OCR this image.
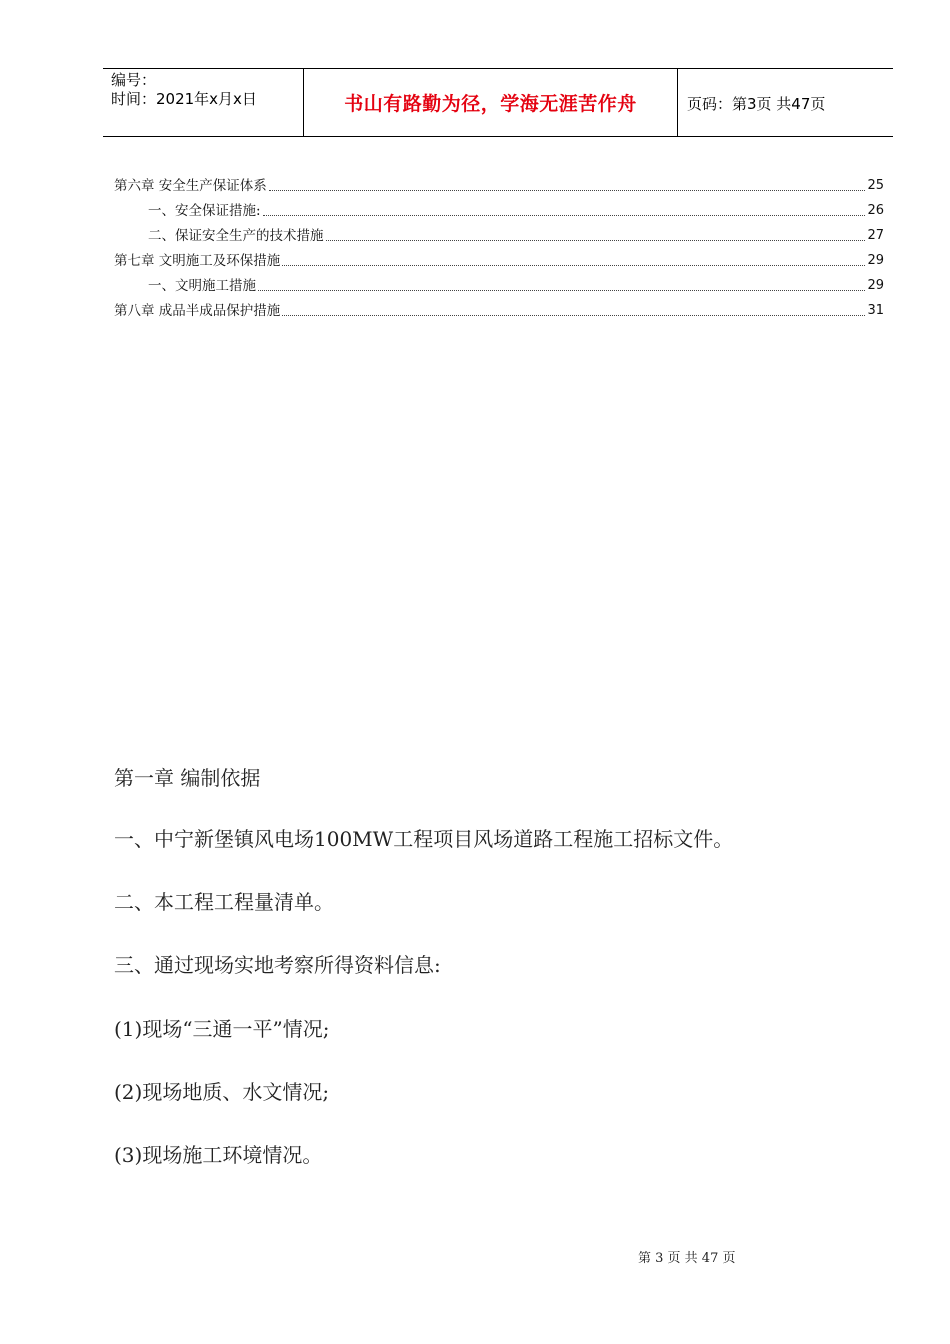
编号：
时间：2021年x月x日	书山有路勤为径，学海无涯苦作舟	页码：第3页 共47页
第六章 安全生产保证体系	25
一、安全保证措施:	26
二、保证安全生产的技术措施	27
第七章 文明施工及环保措施	29
一、文明施工措施	29
第八章 成品半成品保护措施	31
第一章 编制依据
一、中宁新堡镇风电场100MW工程项目风场道路工程施工招标文件。
二、本工程工程量清单。
三、通过现场实地考察所得资料信息:
(1)现场“三通一平”情况;
(2)现场地质、水文情况;
(3)现场施工环境情况。
第 3 页 共 47 页
